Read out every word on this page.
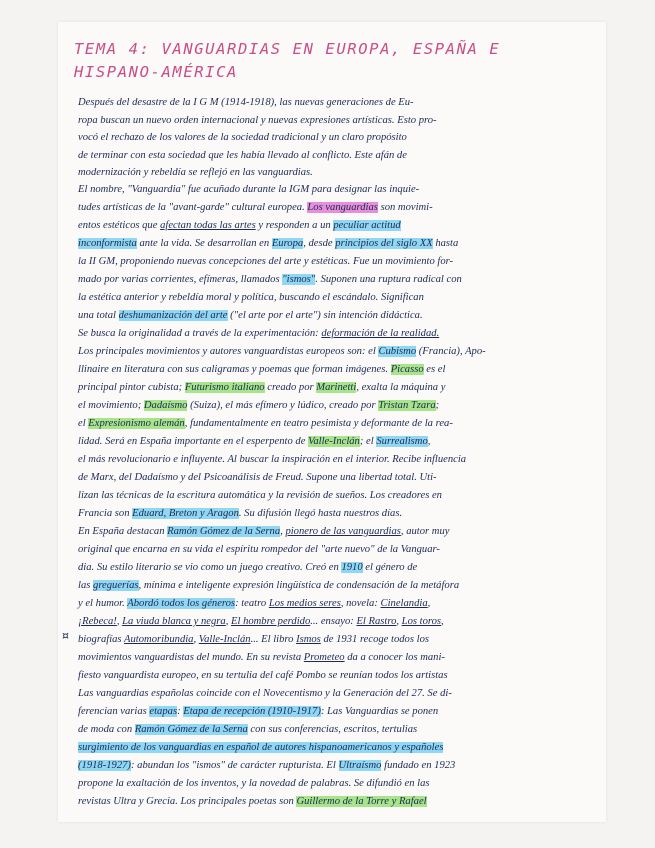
TEMA 4: VANGUARDIAS EN EUROPA, ESPAÑA E HISPANO-AMÉRICA
Después del desastre de la I G M (1914-1918), las nuevas generaciones de Eu-
ropa buscan un nuevo orden internacional y nuevas expresiones artísticas. Esto pro-
vocó el rechazo de los valores de la sociedad tradicional y un claro propósito
de terminar con esta sociedad que les había llevado al conflicto. Este afán de
modernización y rebeldía se reflejó en las vanguardias.
El nombre, "Vanguardia" fue acuñado durante la IGM para designar las inquie-
tudes artísticas de la "avant-garde" cultural europea. Los vanguardias son movimi-
entos estéticos que afectan todas las artes y responden a un peculiar actitud
inconformista ante la vida. Se desarrollan en Europa, desde principios del siglo XX hasta
la II GM, proponiendo nuevas concepciones del arte y estéticas. Fue un movimiento for-
mado por varias corrientes, efímeras, llamados "ismos". Suponen una ruptura radical con
la estética anterior y rebeldía moral y política, buscando el escándalo. Significan
una total deshumanización del arte ("el arte por el arte") sin intención didáctica.
Se busca la originalidad a través de la experimentación: deformación de la realidad.
Los principales movimientos y autores vanguardistas europeos son: el Cubismo (Francia), Apo-
llinaire en literatura con sus caligramas y poemas que forman imágenes. Picasso es el
principal pintor cubista; Futurismo italiano creado por Marinetti, exalta la máquina y
el movimiento; Dadaísmo (Suiza), el más efímero y lúdico, creado por Tristan Tzara;
el Expresionismo alemán, fundamentalmente en teatro pesimista y deformante de la rea-
lidad. Será en España importante en el esperpento de Valle-Inclán; el Surrealismo,
el más revolucionario e influyente. Al buscar la inspiración en el interior. Recibe influencia
de Marx, del Dadaísmo y del Psicoanálisis de Freud. Supone una libertad total. Uti-
lizan las técnicas de la escritura automática y la revisión de sueños. Los creadores en
Francia son Eduard, Breton y Aragon. Su difusión llegó hasta nuestros días.
En España destacan Ramón Gómez de la Serna, pionero de las vanguardias, autor muy
original que encarna en su vida el espíritu rompedor del "arte nuevo" de la Vanguar-
dia. Su estilo literario se vio como un juego creativo. Creó en 1910 el género de
las greguerías, mínima e inteligente expresión lingüística de condensación de la metáfora
y el humor. Abordó todos los géneros: teatro Los medios seres, novela: Cinelandia,
¡Rebeca!, La viuda blanca y negra, El hombre perdido... ensayo: El Rastro, Los toros,
biografías Automoribundia, Valle-Inclán... El libro Ismos de 1931 recoge todos los
movimientos vanguardistas del mundo. En su revista Prometeo da a conocer los mani-
fiesto vanguardista europeo, en su tertulia del café Pombo se reunían todos los artistas
Las vanguardias españolas coincide con el Novecentismo y la Generación del 27. Se di-
ferencian varias etapas: Etapa de recepción (1910-1917): Las Vanguardias se ponen
de moda con Ramón Gómez de la Serna con sus conferencias, escritos, tertulias
surgimiento de los vanguardias en español de autores hispanoamericanos y españoles
(1918-1927): abundan los "ismos" de carácter rupturista. El Ultraísmo fundado en 1923
propone la exaltación de los inventos, y la novedad de palabras. Se difundió en las
revistas Ultra y Grecia. Los principales poetas son Guillermo de la Torre y Rafael
¤
